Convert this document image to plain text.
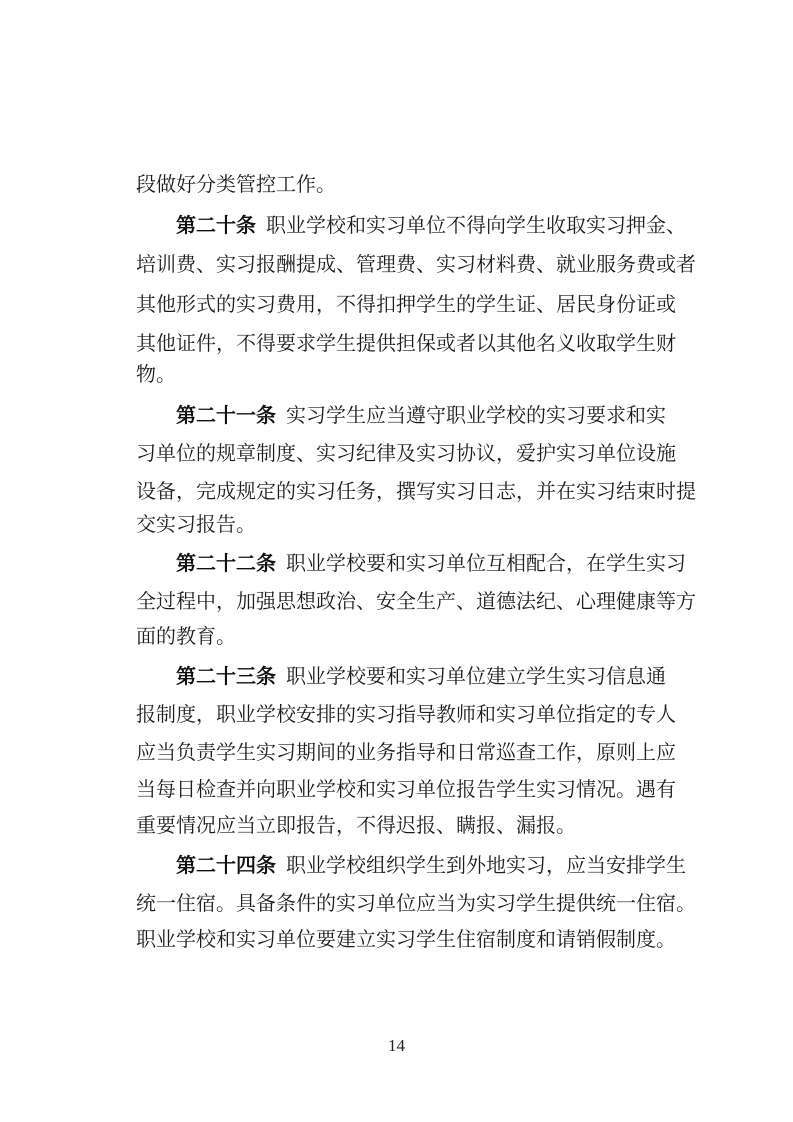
段做好分类管控工作。
第二十条 职业学校和实习单位不得向学生收取实习押金、
培训费、实习报酬提成、管理费、实习材料费、就业服务费或者
其他形式的实习费用，不得扣押学生的学生证、居民身份证或
其他证件，不得要求学生提供担保或者以其他名义收取学生财
物。
第二十一条 实习学生应当遵守职业学校的实习要求和实
习单位的规章制度、实习纪律及实习协议，爱护实习单位设施
设备，完成规定的实习任务，撰写实习日志，并在实习结束时提
交实习报告。
第二十二条 职业学校要和实习单位互相配合，在学生实习
全过程中，加强思想政治、安全生产、道德法纪、心理健康等方
面的教育。
第二十三条 职业学校要和实习单位建立学生实习信息通
报制度，职业学校安排的实习指导教师和实习单位指定的专人
应当负责学生实习期间的业务指导和日常巡查工作，原则上应
当每日检查并向职业学校和实习单位报告学生实习情况。遇有
重要情况应当立即报告，不得迟报、瞒报、漏报。
第二十四条 职业学校组织学生到外地实习，应当安排学生
统一住宿。具备条件的实习单位应当为实习学生提供统一住宿。
职业学校和实习单位要建立实习学生住宿制度和请销假制度。
14
